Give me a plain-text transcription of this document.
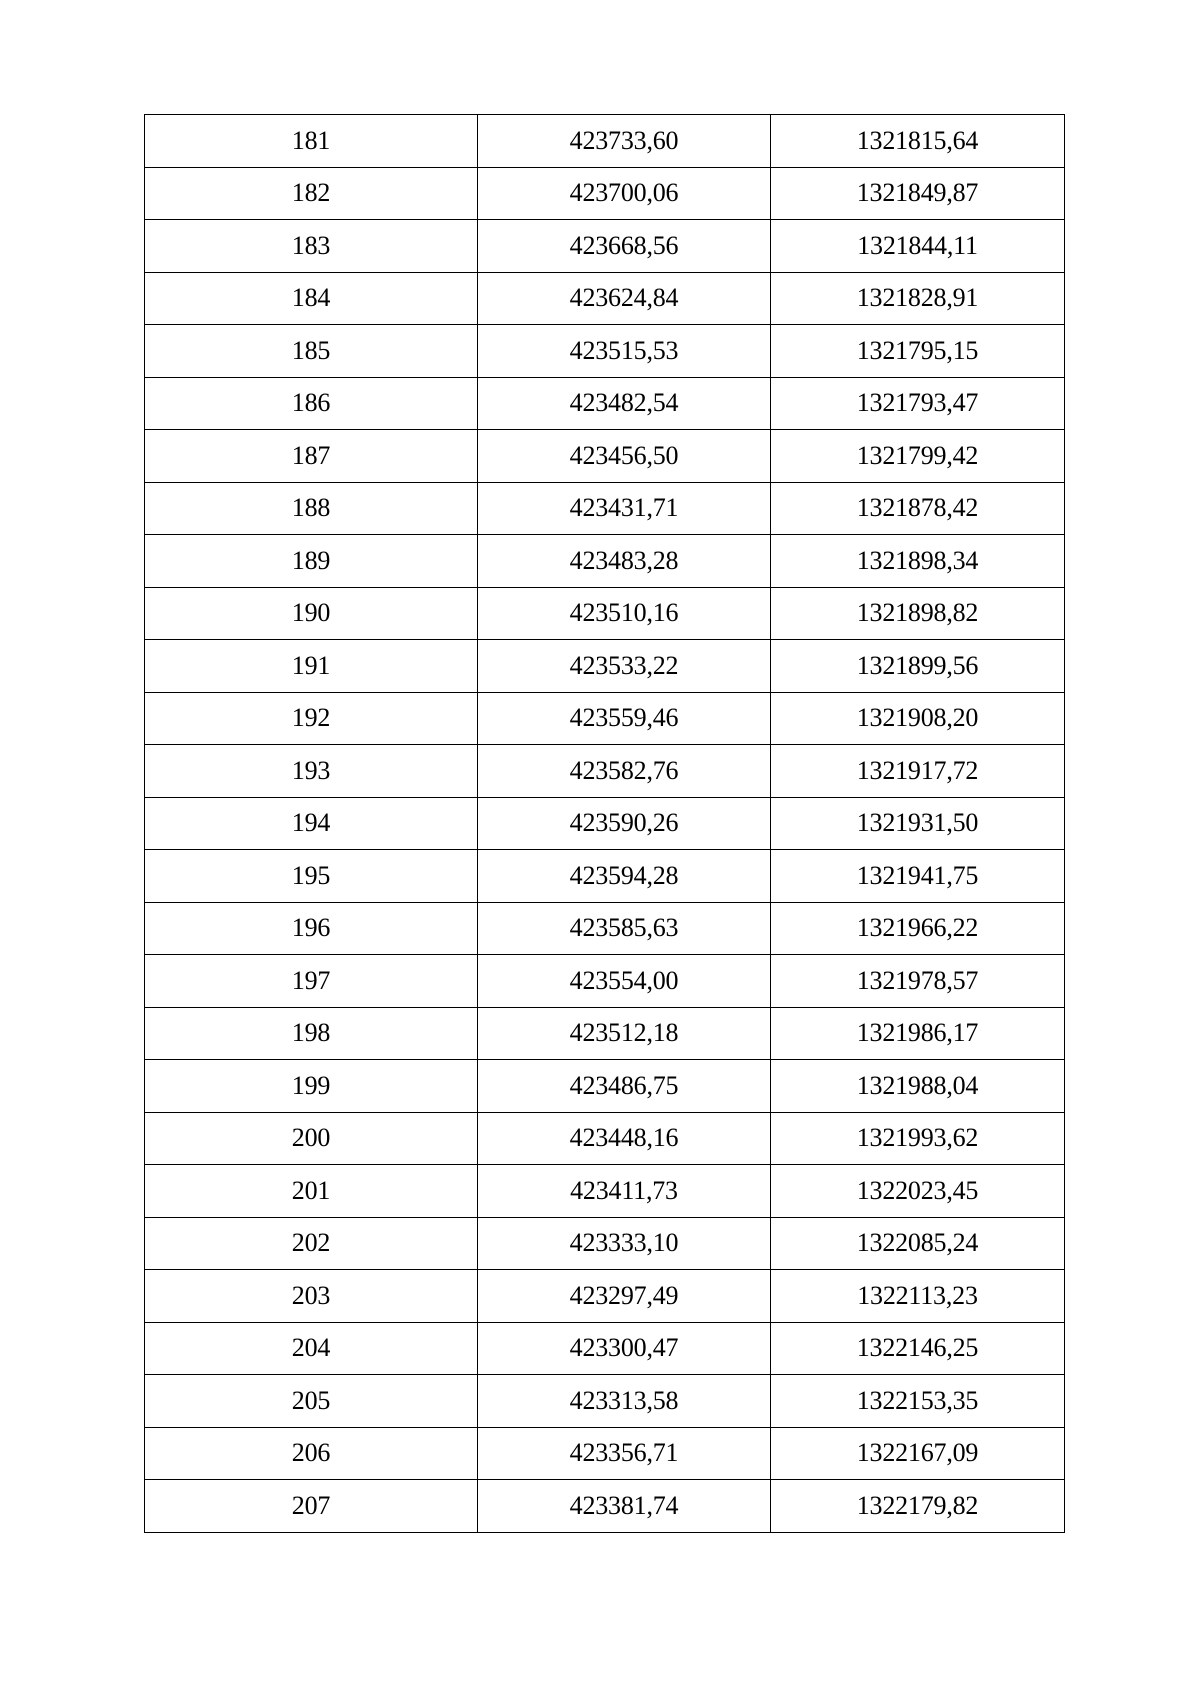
181	423733,60	1321815,64
182	423700,06	1321849,87
183	423668,56	1321844,11
184	423624,84	1321828,91
185	423515,53	1321795,15
186	423482,54	1321793,47
187	423456,50	1321799,42
188	423431,71	1321878,42
189	423483,28	1321898,34
190	423510,16	1321898,82
191	423533,22	1321899,56
192	423559,46	1321908,20
193	423582,76	1321917,72
194	423590,26	1321931,50
195	423594,28	1321941,75
196	423585,63	1321966,22
197	423554,00	1321978,57
198	423512,18	1321986,17
199	423486,75	1321988,04
200	423448,16	1321993,62
201	423411,73	1322023,45
202	423333,10	1322085,24
203	423297,49	1322113,23
204	423300,47	1322146,25
205	423313,58	1322153,35
206	423356,71	1322167,09
207	423381,74	1322179,82
